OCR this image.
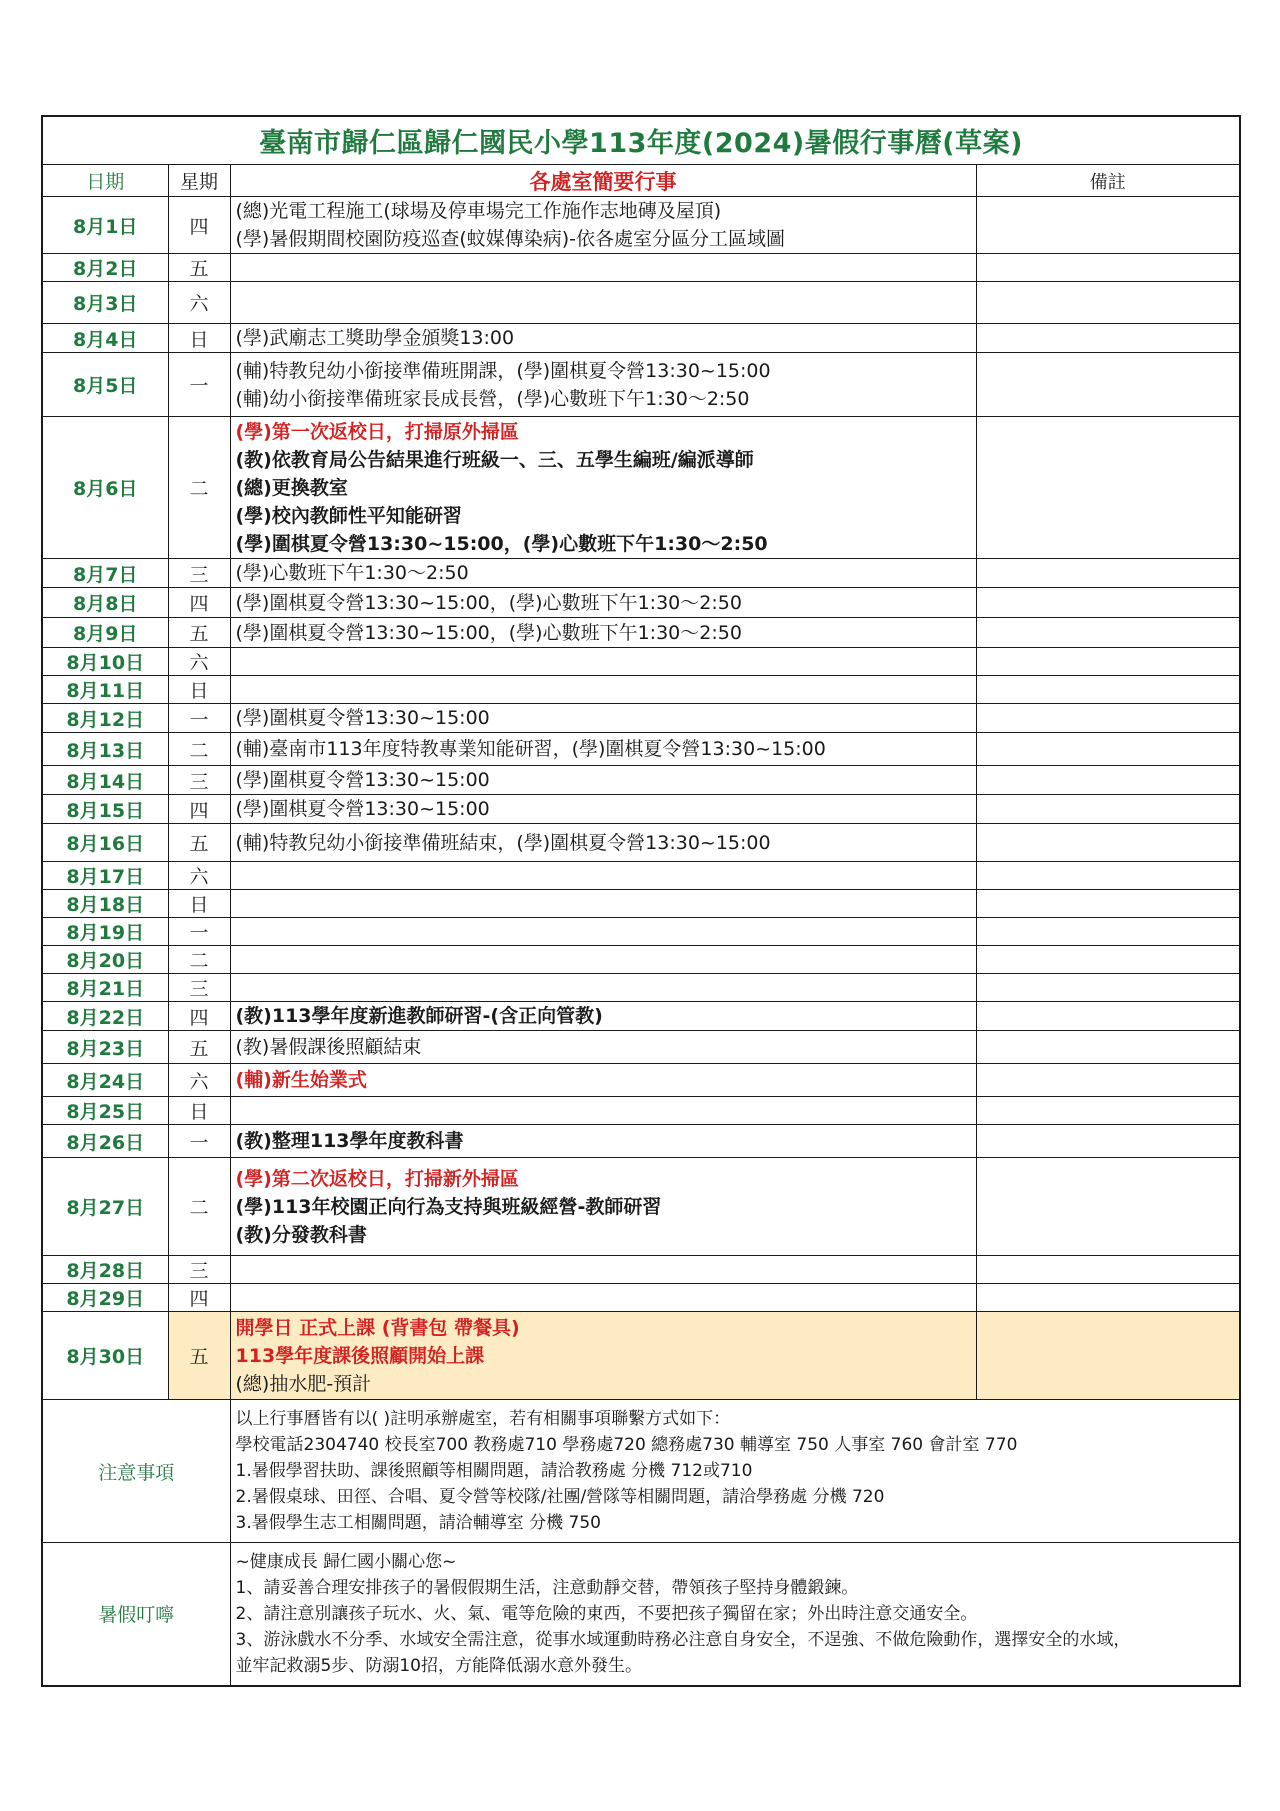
臺南市歸仁區歸仁國民小學113年度(2024)暑假行事曆(草案)			
日期	星期	各處室簡要行事	備註
8月1日	四	(總)光電工程施工(球場及停車場完工作施作志地磚及屋頂)
(學)暑假期間校園防疫巡查(蚊媒傳染病)-依各處室分區分工區域圖	

8月2日	五		
8月3日	六		
8月4日	日	(學)武廟志工獎助學金頒獎13:00	

8月5日	一	(輔)特教兒幼小銜接準備班開課，(學)圍棋夏令營13:30~15:00
(輔)幼小銜接準備班家長成長營，(學)心數班下午1:30～2:50	

8月6日	二	(學)第一次返校日，打掃原外掃區
(教)依教育局公告結果進行班級一、三、五學生編班/編派導師
(總)更換教室
(學)校內教師性平知能研習
(學)圍棋夏令營13:30~15:00，(學)心數班下午1:30～2:50	

8月7日	三	(學)心數班下午1:30～2:50	

8月8日	四	(學)圍棋夏令營13:30~15:00，(學)心數班下午1:30～2:50	

8月9日	五	(學)圍棋夏令營13:30~15:00，(學)心數班下午1:30～2:50	

8月10日	六		
8月11日	日		
8月12日	一	(學)圍棋夏令營13:30~15:00	

8月13日	二	(輔)臺南市113年度特教專業知能研習，(學)圍棋夏令營13:30~15:00	

8月14日	三	(學)圍棋夏令營13:30~15:00	

8月15日	四	(學)圍棋夏令營13:30~15:00	

8月16日	五	(輔)特教兒幼小銜接準備班結束，(學)圍棋夏令營13:30~15:00	

8月17日	六		
8月18日	日		
8月19日	一		
8月20日	二		
8月21日	三		
8月22日	四	(教)113學年度新進教師研習-(含正向管教)	

8月23日	五	(教)暑假課後照顧結束	

8月24日	六	(輔)新生始業式	

8月25日	日		
8月26日	一	(教)整理113學年度教科書	

8月27日	二	(學)第二次返校日，打掃新外掃區
(學)113年校園正向行為支持與班級經營-教師研習
(教)分發教科書	

8月28日	三		
8月29日	四		
8月30日	五	開學日 正式上課 (背書包 帶餐具)
113學年度課後照顧開始上課
(總)抽水肥-預計	

注意事項		以上行事曆皆有以( )註明承辦處室，若有相關事項聯繫方式如下：
學校電話2304740 校長室700 教務處710 學務處720 總務處730 輔導室 750 人事室 760 會計室 770
1.暑假學習扶助、課後照顧等相關問題，請洽教務處 分機 712或710
2.暑假桌球、田徑、合唱、夏令營等校隊/社團/營隊等相關問題，請洽學務處 分機 720
3.暑假學生志工相關問題，請洽輔導室 分機 750	

暑假叮嚀		~健康成長 歸仁國小關心您~
1、請妥善合理安排孩子的暑假假期生活，注意動靜交替，帶領孩子堅持身體鍛鍊。
2、請注意別讓孩子玩水、火、氣、電等危險的東西，不要把孩子獨留在家；外出時注意交通安全。
3、游泳戲水不分季、水域安全需注意，從事水域運動時務必注意自身安全，不逞強、不做危險動作，選擇安全的水域，
並牢記救溺5步、防溺10招，方能降低溺水意外發生。	
